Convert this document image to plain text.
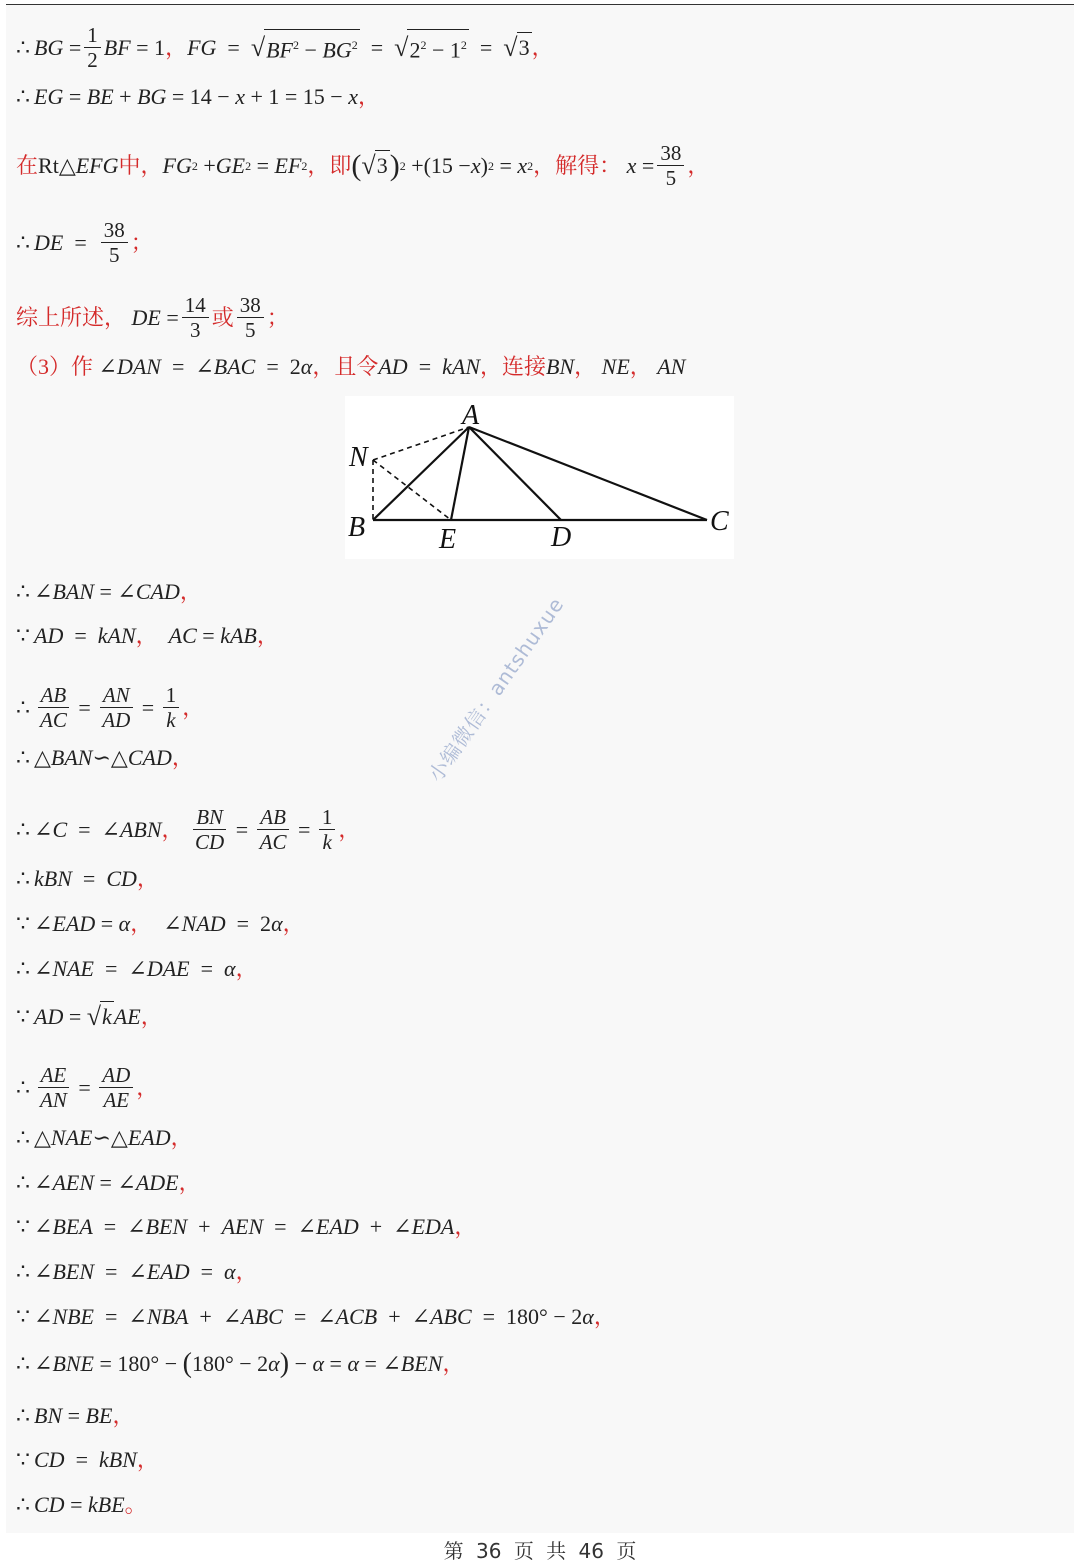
∴ BG = $\frac{1}{2}$ BF = 1 ， FG = √ $BF^2 - BG^2$ = √ $2^2 - 1^2$ = √ 3 ，
∴ EG = BE + BG = 14 − x + 1 = 15 − x ，
在 Rt △EFG 中， FG 2 + GE 2 = EF 2 ，即 ( √ 3 ) 2 +(15 − x ) 2 = x 2 ，解得：
$x = \frac{38}{5}$ ，
∴ DE = $\frac{38}{5}$ ；
综上所述，
DE = $\frac{14}{3}$ 或 $\frac{38}{5}$ ；
（3）作 ∠ DAN =  ∠ BAC =  2 α ，且令 AD = kAN ，连接 BN ，
NE ，
AN
∴ ∠ BAN = ∠ CAD ，
∵ AD = kAN ，
AC = kAB ，
∴ $\frac{AB}{AC} = \frac{AN}{AD} = \frac{1}{k}$ ，
∴ △BAN ∽ △CAD ，
∴ ∠ C =  ∠ ABN ，
$\frac{BN}{CD} = \frac{AB}{AC} = \frac{1}{k}$ ，
∴ kBN = CD ，
∵ ∠ EAD = α ， ∠ NAD =  2 α ，
∴ ∠ NAE =  ∠ DAE = α ，
∵ AD = √ k AE ，
∴ $\frac{AE}{AN} = \frac{AD}{AE}$ ，
∴ △NAE ∽ △EAD ，
∴ ∠ AEN = ∠ ADE ，
∵ ∠ BEA =  ∠ BEN + AEN =  ∠ EAD +  ∠ EDA ，
∴ ∠ BEN =  ∠ EAD = α ，
∵ ∠ NBE =  ∠ NBA +  ∠ ABC =  ∠ ACB +  ∠ ABC =  180° − 2 α ，
∴ ∠ BNE = 180° − ( 180° − 2 α ) − α = α = ∠ BEN ，
∴ BN = BE ，
∵ CD = kBN ，
∴ CD = kBE 。
A
N
B	E	D
C
小编微信：antshuxue
第 36 页 共 46 页
